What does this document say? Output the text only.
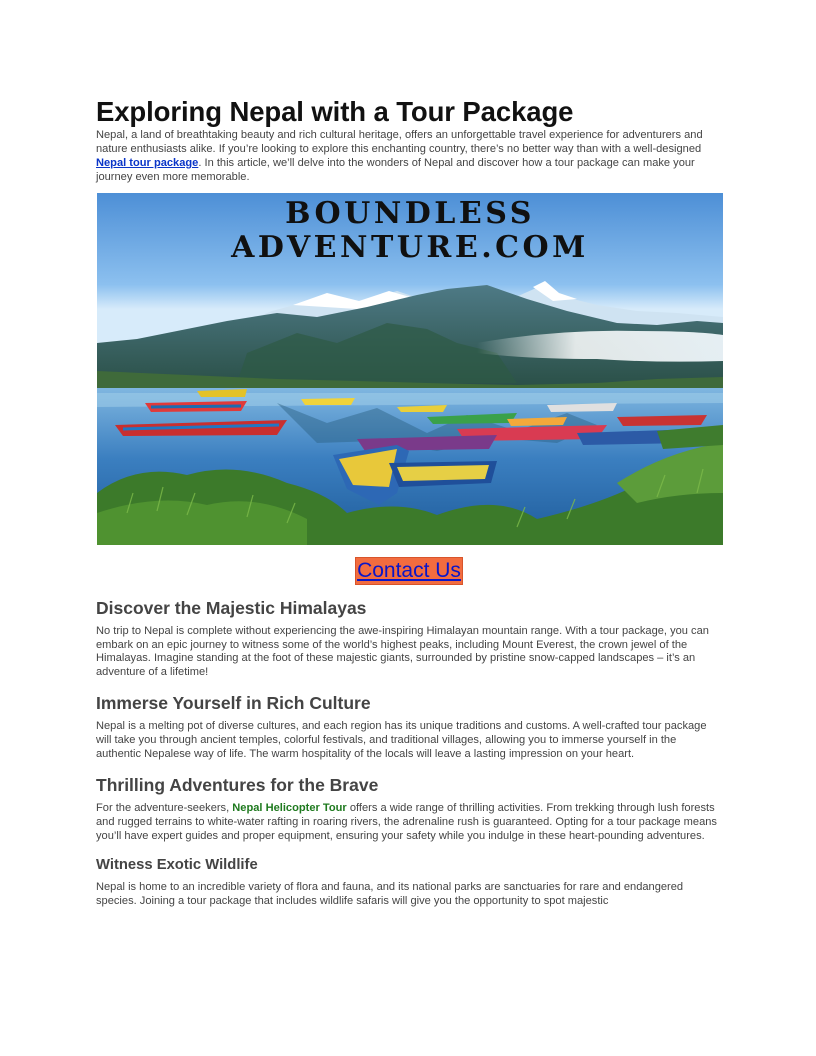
Exploring Nepal with a Tour Package

Nepal, a land of breathtaking beauty and rich cultural heritage, offers an unforgettable travel experience for adventurers and nature enthusiasts alike. If you’re looking to explore this enchanting country, there’s no better way than with a well-designed Nepal tour package. In this article, we’ll delve into the wonders of Nepal and discover how a tour package can make your journey even more memorable.

BOUNDLESS
ADVENTURE.COM
Contact Us
Discover the Majestic Himalayas

No trip to Nepal is complete without experiencing the awe-inspiring Himalayan mountain range. With a tour package, you can embark on an epic journey to witness some of the world’s highest peaks, including Mount Everest, the crown jewel of the Himalayas. Imagine standing at the foot of these majestic giants, surrounded by pristine snow-capped landscapes – it’s an adventure of a lifetime!

Immerse Yourself in Rich Culture

Nepal is a melting pot of diverse cultures, and each region has its unique traditions and customs. A well-crafted tour package will take you through ancient temples, colorful festivals, and traditional villages, allowing you to immerse yourself in the authentic Nepalese way of life. The warm hospitality of the locals will leave a lasting impression on your heart.

Thrilling Adventures for the Brave

For the adventure-seekers, Nepal Helicopter Tour offers a wide range of thrilling activities. From trekking through lush forests and rugged terrains to white-water rafting in roaring rivers, the adrenaline rush is guaranteed. Opting for a tour package means you’ll have expert guides and proper equipment, ensuring your safety while you indulge in these heart-pounding adventures.

Witness Exotic Wildlife

Nepal is home to an incredible variety of flora and fauna, and its national parks are sanctuaries for rare and endangered species. Joining a tour package that includes wildlife safaris will give you the opportunity to spot majestic
